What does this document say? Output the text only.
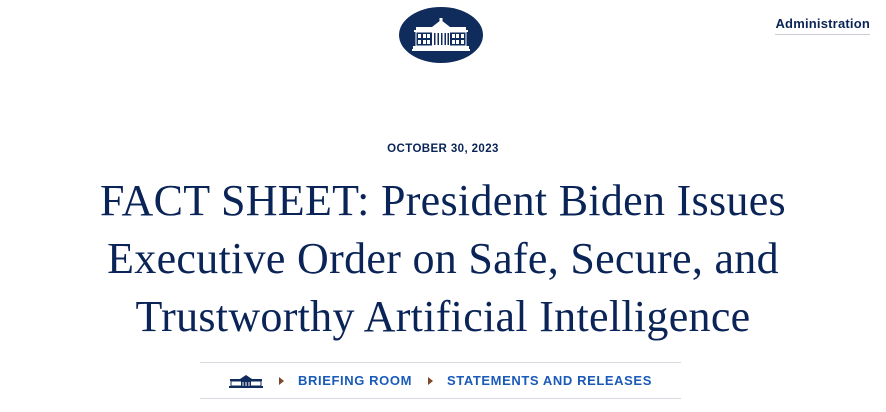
Administration
OCTOBER 30, 2023
FACT SHEET: President Biden Issues Executive Order on Safe, Secure, and Trustworthy Artificial Intelligence
BRIEFING ROOM	STATEMENTS AND RELEASES
